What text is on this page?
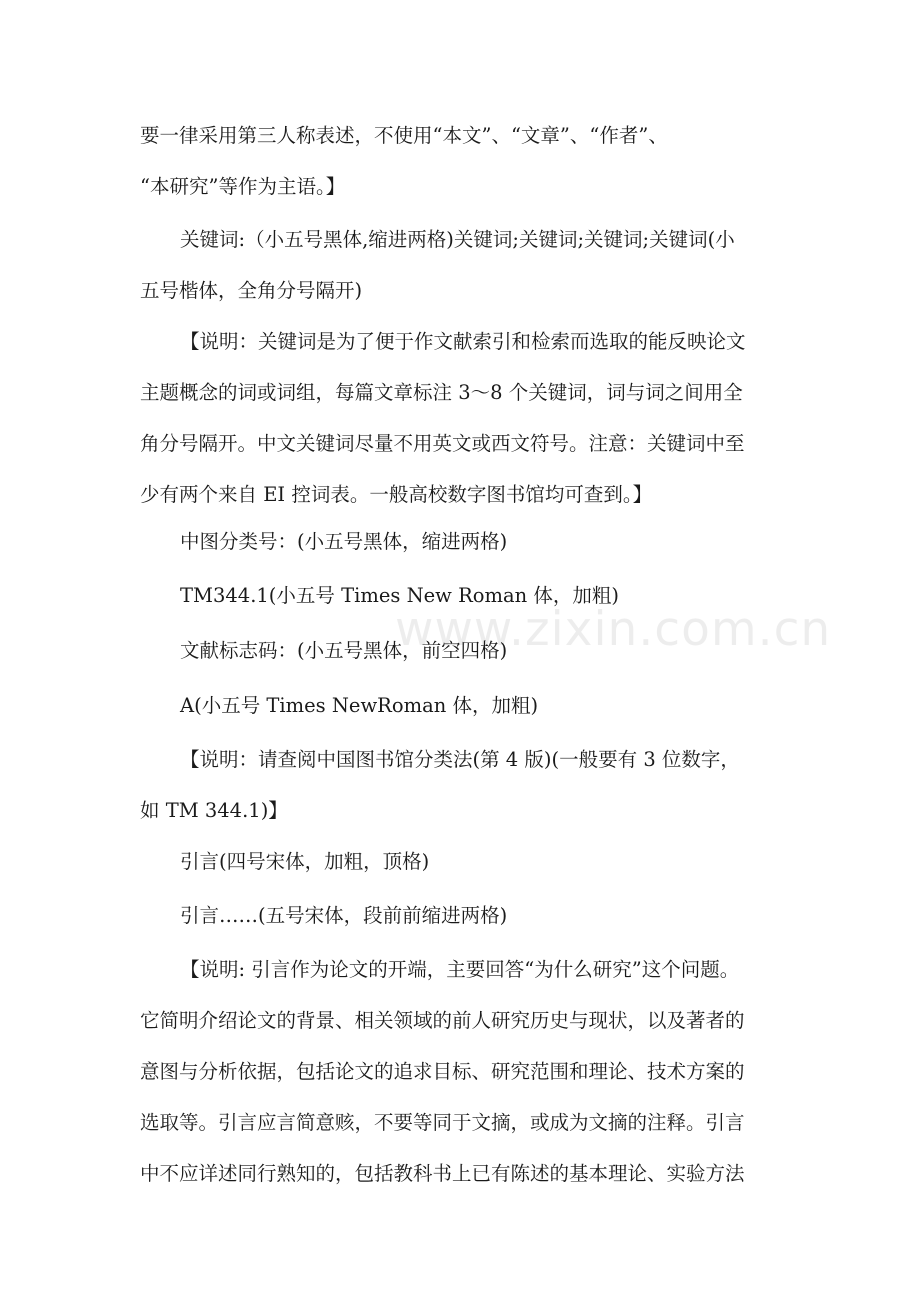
要一律采用第三人称表述，不使用“本文”、“文章”、“作者”、
“本研究”等作为主语。】
关键词:（小五号黑体,缩进两格)关键词;关键词;关键词;关键词(小
五号楷体，全角分号隔开)
【说明：关键词是为了便于作文献索引和检索而选取的能反映论文
主题概念的词或词组，每篇文章标注 3～8 个关键词，词与词之间用全
角分号隔开。中文关键词尽量不用英文或西文符号。注意：关键词中至
少有两个来自 EI 控词表。一般高校数字图书馆均可查到。】
中图分类号：(小五号黑体，缩进两格)
TM344.1(小五号 Times New Roman 体，加粗)
文献标志码：(小五号黑体，前空四格)
A(小五号 Times NewRoman 体，加粗)
【说明：请查阅中国图书馆分类法(第 4 版)(一般要有 3 位数字，
如 TM 344.1)】
引言(四号宋体，加粗，顶格)
引言……(五号宋体，段前前缩进两格)
【说明: 引言作为论文的开端，主要回答“为什么研究”这个问题。
它简明介绍论文的背景、相关领域的前人研究历史与现状，以及著者的
意图与分析依据，包括论文的追求目标、研究范围和理论、技术方案的
选取等。引言应言简意赅，不要等同于文摘，或成为文摘的注释。引言
中不应详述同行熟知的，包括教科书上已有陈述的基本理论、实验方法
www.zixin.com.cn
